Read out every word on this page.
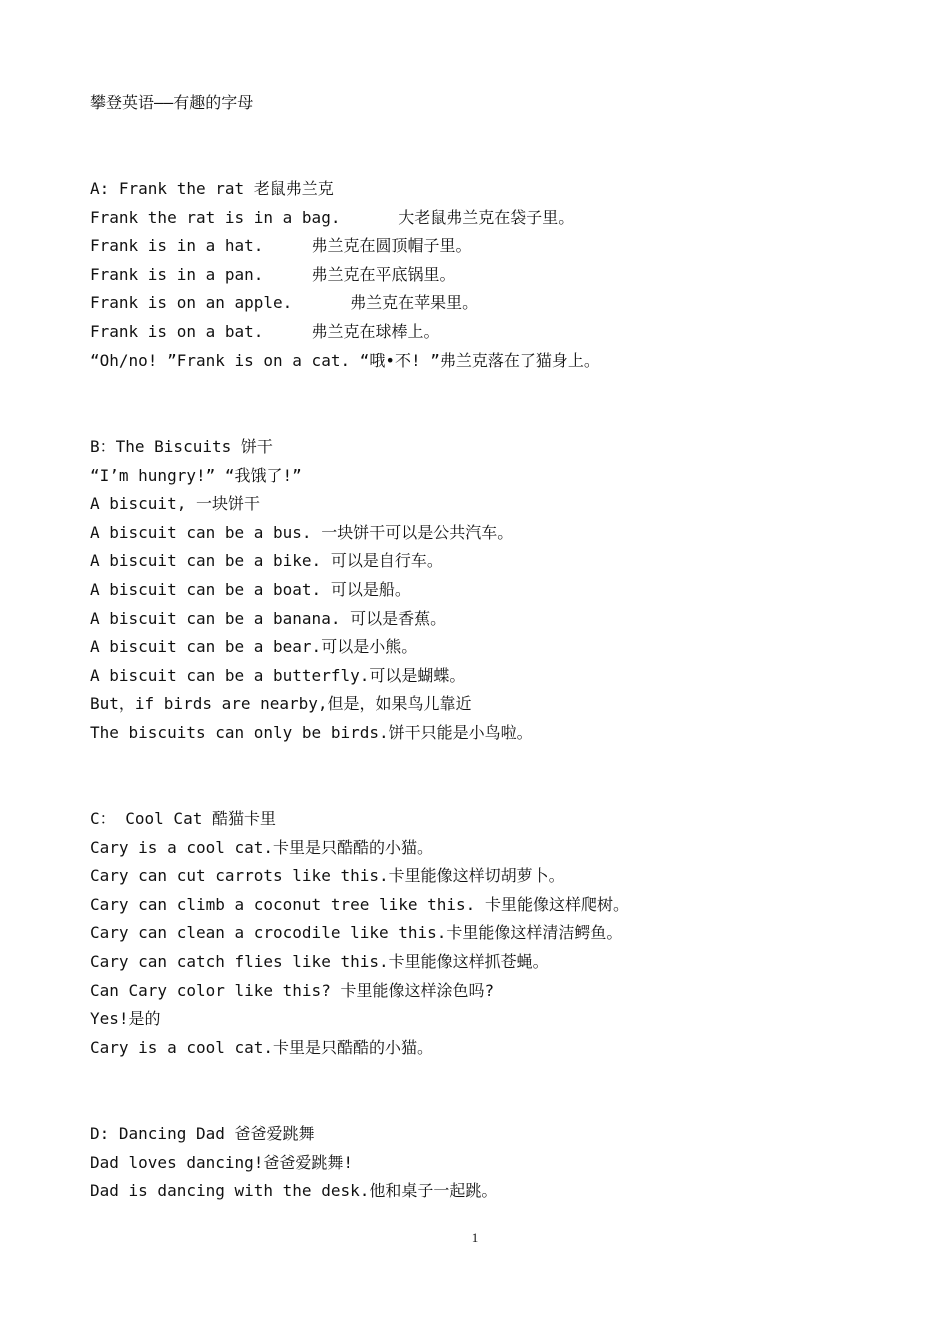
攀登英语——有趣的字母
A: Frank the rat 老鼠弗兰克
Frank the rat is in a bag.      大老鼠弗兰克在袋子里。
Frank is in a hat.     弗兰克在圆顶帽子里。
Frank is in a pan.     弗兰克在平底锅里。
Frank is on an apple.      弗兰克在苹果里。
Frank is on a bat.     弗兰克在球棒上。
“Oh/no! ”Frank is on a cat. “哦•不! ”弗兰克落在了猫身上。
B：The Biscuits 饼干
“I’m hungry!” “我饿了!”
A biscuit, 一块饼干
A biscuit can be a bus. 一块饼干可以是公共汽车。
A biscuit can be a bike. 可以是自行车。
A biscuit can be a boat. 可以是船。
A biscuit can be a banana. 可以是香蕉。
A biscuit can be a bear.可以是小熊。
A biscuit can be a butterfly.可以是蝴蝶。
But，if birds are nearby,但是，如果鸟儿靠近
The biscuits can only be birds.饼干只能是小鸟啦。
C： Cool Cat 酷猫卡里
Cary is a cool cat.卡里是只酷酷的小猫。
Cary can cut carrots like this.卡里能像这样切胡萝卜。
Cary can climb a coconut tree like this. 卡里能像这样爬树。
Cary can clean a crocodile like this.卡里能像这样清洁鳄鱼。
Cary can catch flies like this.卡里能像这样抓苍蝇。
Can Cary color like this? 卡里能像这样涂色吗?
Yes!是的
Cary is a cool cat.卡里是只酷酷的小猫。
D: Dancing Dad 爸爸爱跳舞
Dad loves dancing!爸爸爱跳舞!
Dad is dancing with the desk.他和桌子一起跳。
1
